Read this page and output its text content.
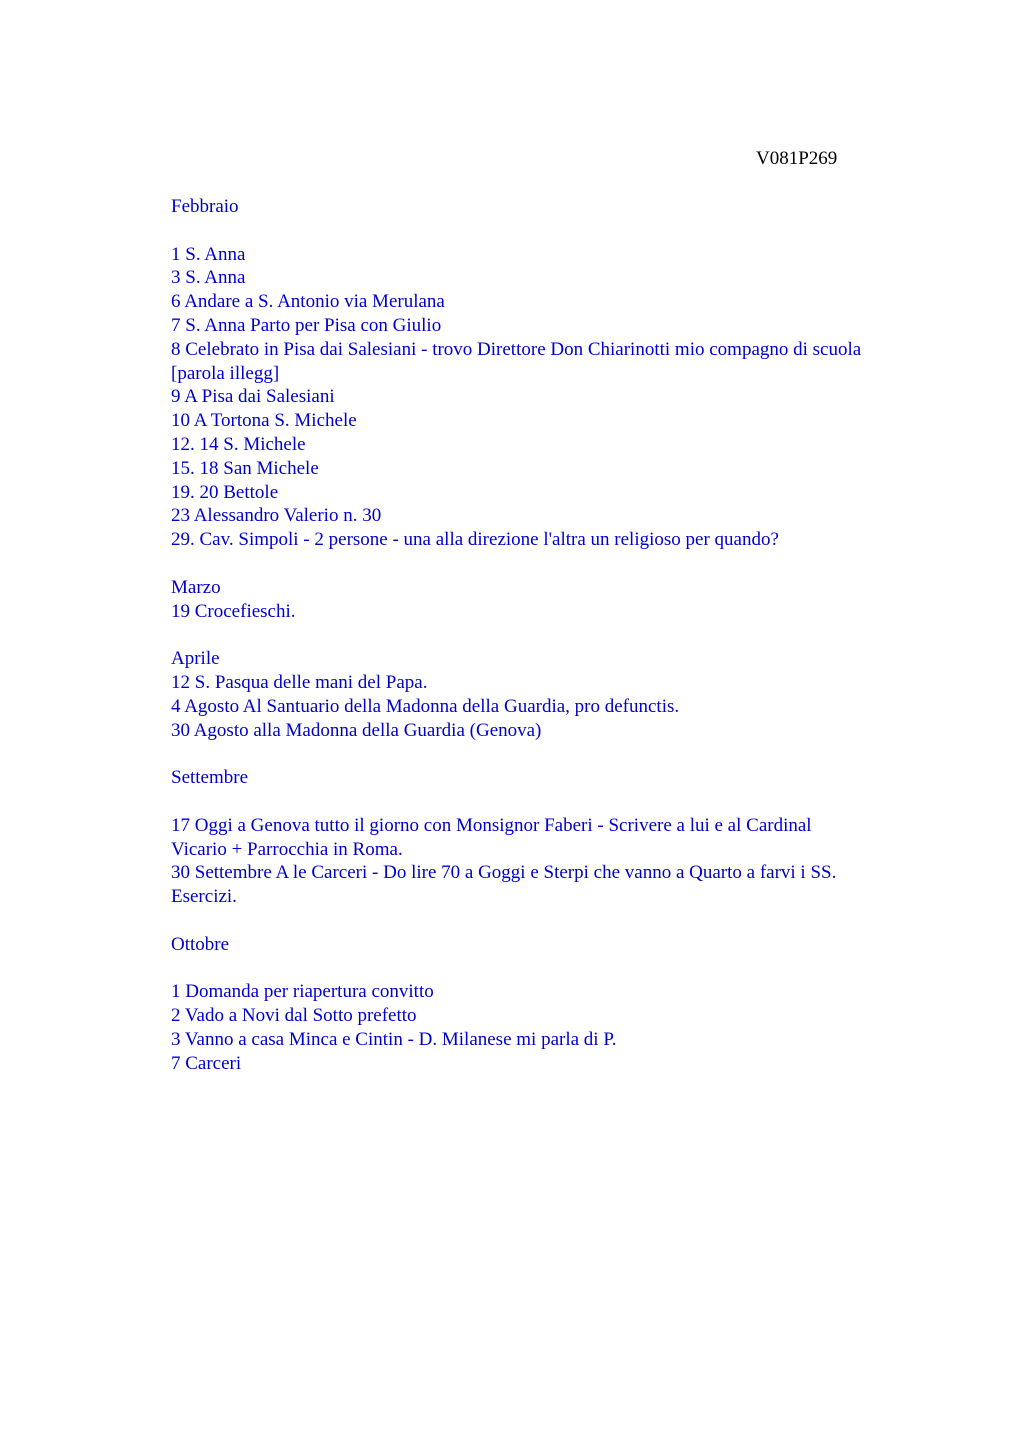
V081P269

Febbraio

1 S. Anna

3 S. Anna

6 Andare a S. Antonio via Merulana

7 S. Anna Parto per Pisa con Giulio

8 Celebrato in Pisa dai Salesiani - trovo Direttore Don Chiarinotti mio compagno di scuola

[parola illegg]

9 A Pisa dai Salesiani

10 A Tortona S. Michele

12. 14 S. Michele

15. 18 San Michele

19. 20 Bettole

23 Alessandro Valerio n. 30

29. Cav. Simpoli - 2 persone - una alla direzione l'altra un religioso per quando?

Marzo

19 Crocefieschi.

Aprile

12 S. Pasqua delle mani del Papa.

4 Agosto Al Santuario della Madonna della Guardia, pro defunctis.

30 Agosto alla Madonna della Guardia (Genova)

Settembre

17 Oggi a Genova tutto il giorno con Monsignor Faberi - Scrivere a lui e al Cardinal

Vicario + Parrocchia in Roma.

30 Settembre A le Carceri - Do lire 70 a Goggi e Sterpi che vanno a Quarto a farvi i SS.

Esercizi.

Ottobre

1 Domanda per riapertura convitto

2 Vado a Novi dal Sotto prefetto

3 Vanno a casa Minca e Cintin - D. Milanese mi parla di P.

7 Carceri
